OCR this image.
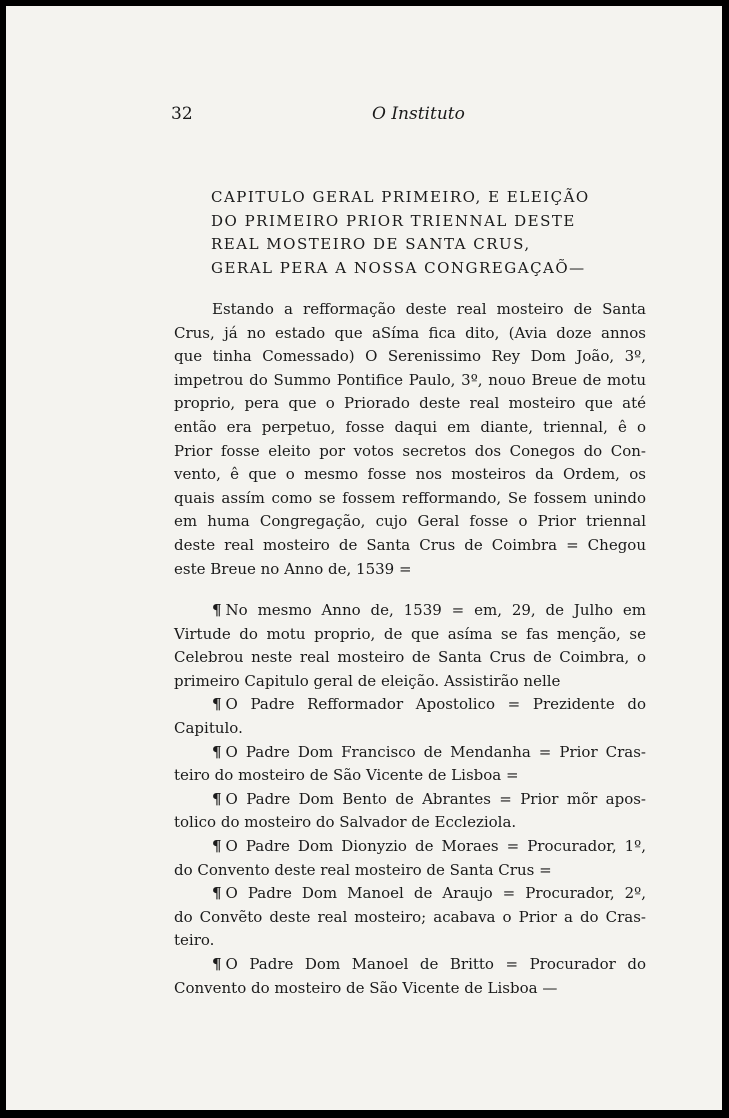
32	O Instituto
CAPITULO GERAL PRIMEIRO, E ELEIÇÃO
DO PRIMEIRO PRIOR TRIENNAL DESTE
REAL MOSTEIRO DE SANTA CRUS,
GERAL PERA A NOSSA CONGREGAÇAÕ—
Estando a refformação deste real mosteiro de Santa
Crus, já no estado que aSíma fica dito, (Avia doze annos
que tinha Comessado) O Serenissimo Rey Dom João, 3º,
impetrou do Summo Pontifice Paulo, 3º, nouo Breue de motu
proprio, pera que o Priorado deste real mosteiro que até
então era perpetuo, fosse daqui em diante, triennal, ê o
Prior fosse eleito por votos secretos dos Conegos do Con-
vento, ê que o mesmo fosse nos mosteiros da Ordem, os
quais assím como se fossem refformando, Se fossem unindo
em huma Congregação, cujo Geral fosse o Prior triennal
deste real mosteiro de Santa Crus de Coimbra = Chegou
este Breue no Anno de, 1539 =
¶ No mesmo Anno de, 1539 = em, 29, de Julho em
Virtude do motu proprio, de que asíma se fas menção, se
Celebrou neste real mosteiro de Santa Crus de Coimbra, o
primeiro Capitulo geral de eleição. Assistirão nelle
¶ O Padre Refformador Apostolico = Prezidente do
Capitulo.
¶ O Padre Dom Francisco de Mendanha = Prior Cras-
teiro do mosteiro de São Vicente de Lisboa =
¶ O Padre Dom Bento de Abrantes = Prior mõr apos-
tolico do mosteiro do Salvador de Eccleziola.
¶ O Padre Dom Dionyzio de Moraes = Procurador, 1º,
do Convento deste real mosteiro de Santa Crus =
¶ O Padre Dom Manoel de Araujo = Procurador, 2º,
do Convẽto deste real mosteiro; acabava o Prior a do Cras-
teiro.
¶ O Padre Dom Manoel de Britto = Procurador do
Convento do mosteiro de São Vicente de Lisboa —
